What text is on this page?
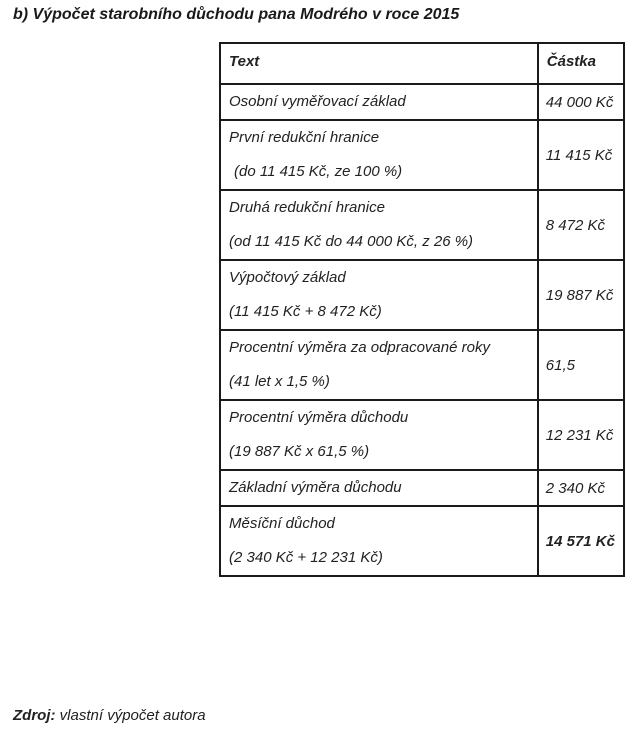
b) Výpočet starobního důchodu pana Modrého v roce 2015
Text	Částka

Osobní vyměřovací základ	44 000 Kč

První redukční hranice
(do 11 415 Kč, ze 100 %)	11 415 Kč

Druhá redukční hranice
(od 11 415 Kč do 44 000 Kč, z 26 %)	8 472 Kč

Výpočtový základ
(11 415 Kč + 8 472 Kč)	19 887 Kč

Procentní výměra za odpracované roky
(41 let x 1,5 %)	61,5

Procentní výměra důchodu
(19 887 Kč x 61,5 %)	12 231 Kč

Základní výměra důchodu	2 340 Kč

Měsíční důchod
(2 340 Kč + 12 231 Kč)	14 571 Kč
Zdroj: vlastní výpočet autora
